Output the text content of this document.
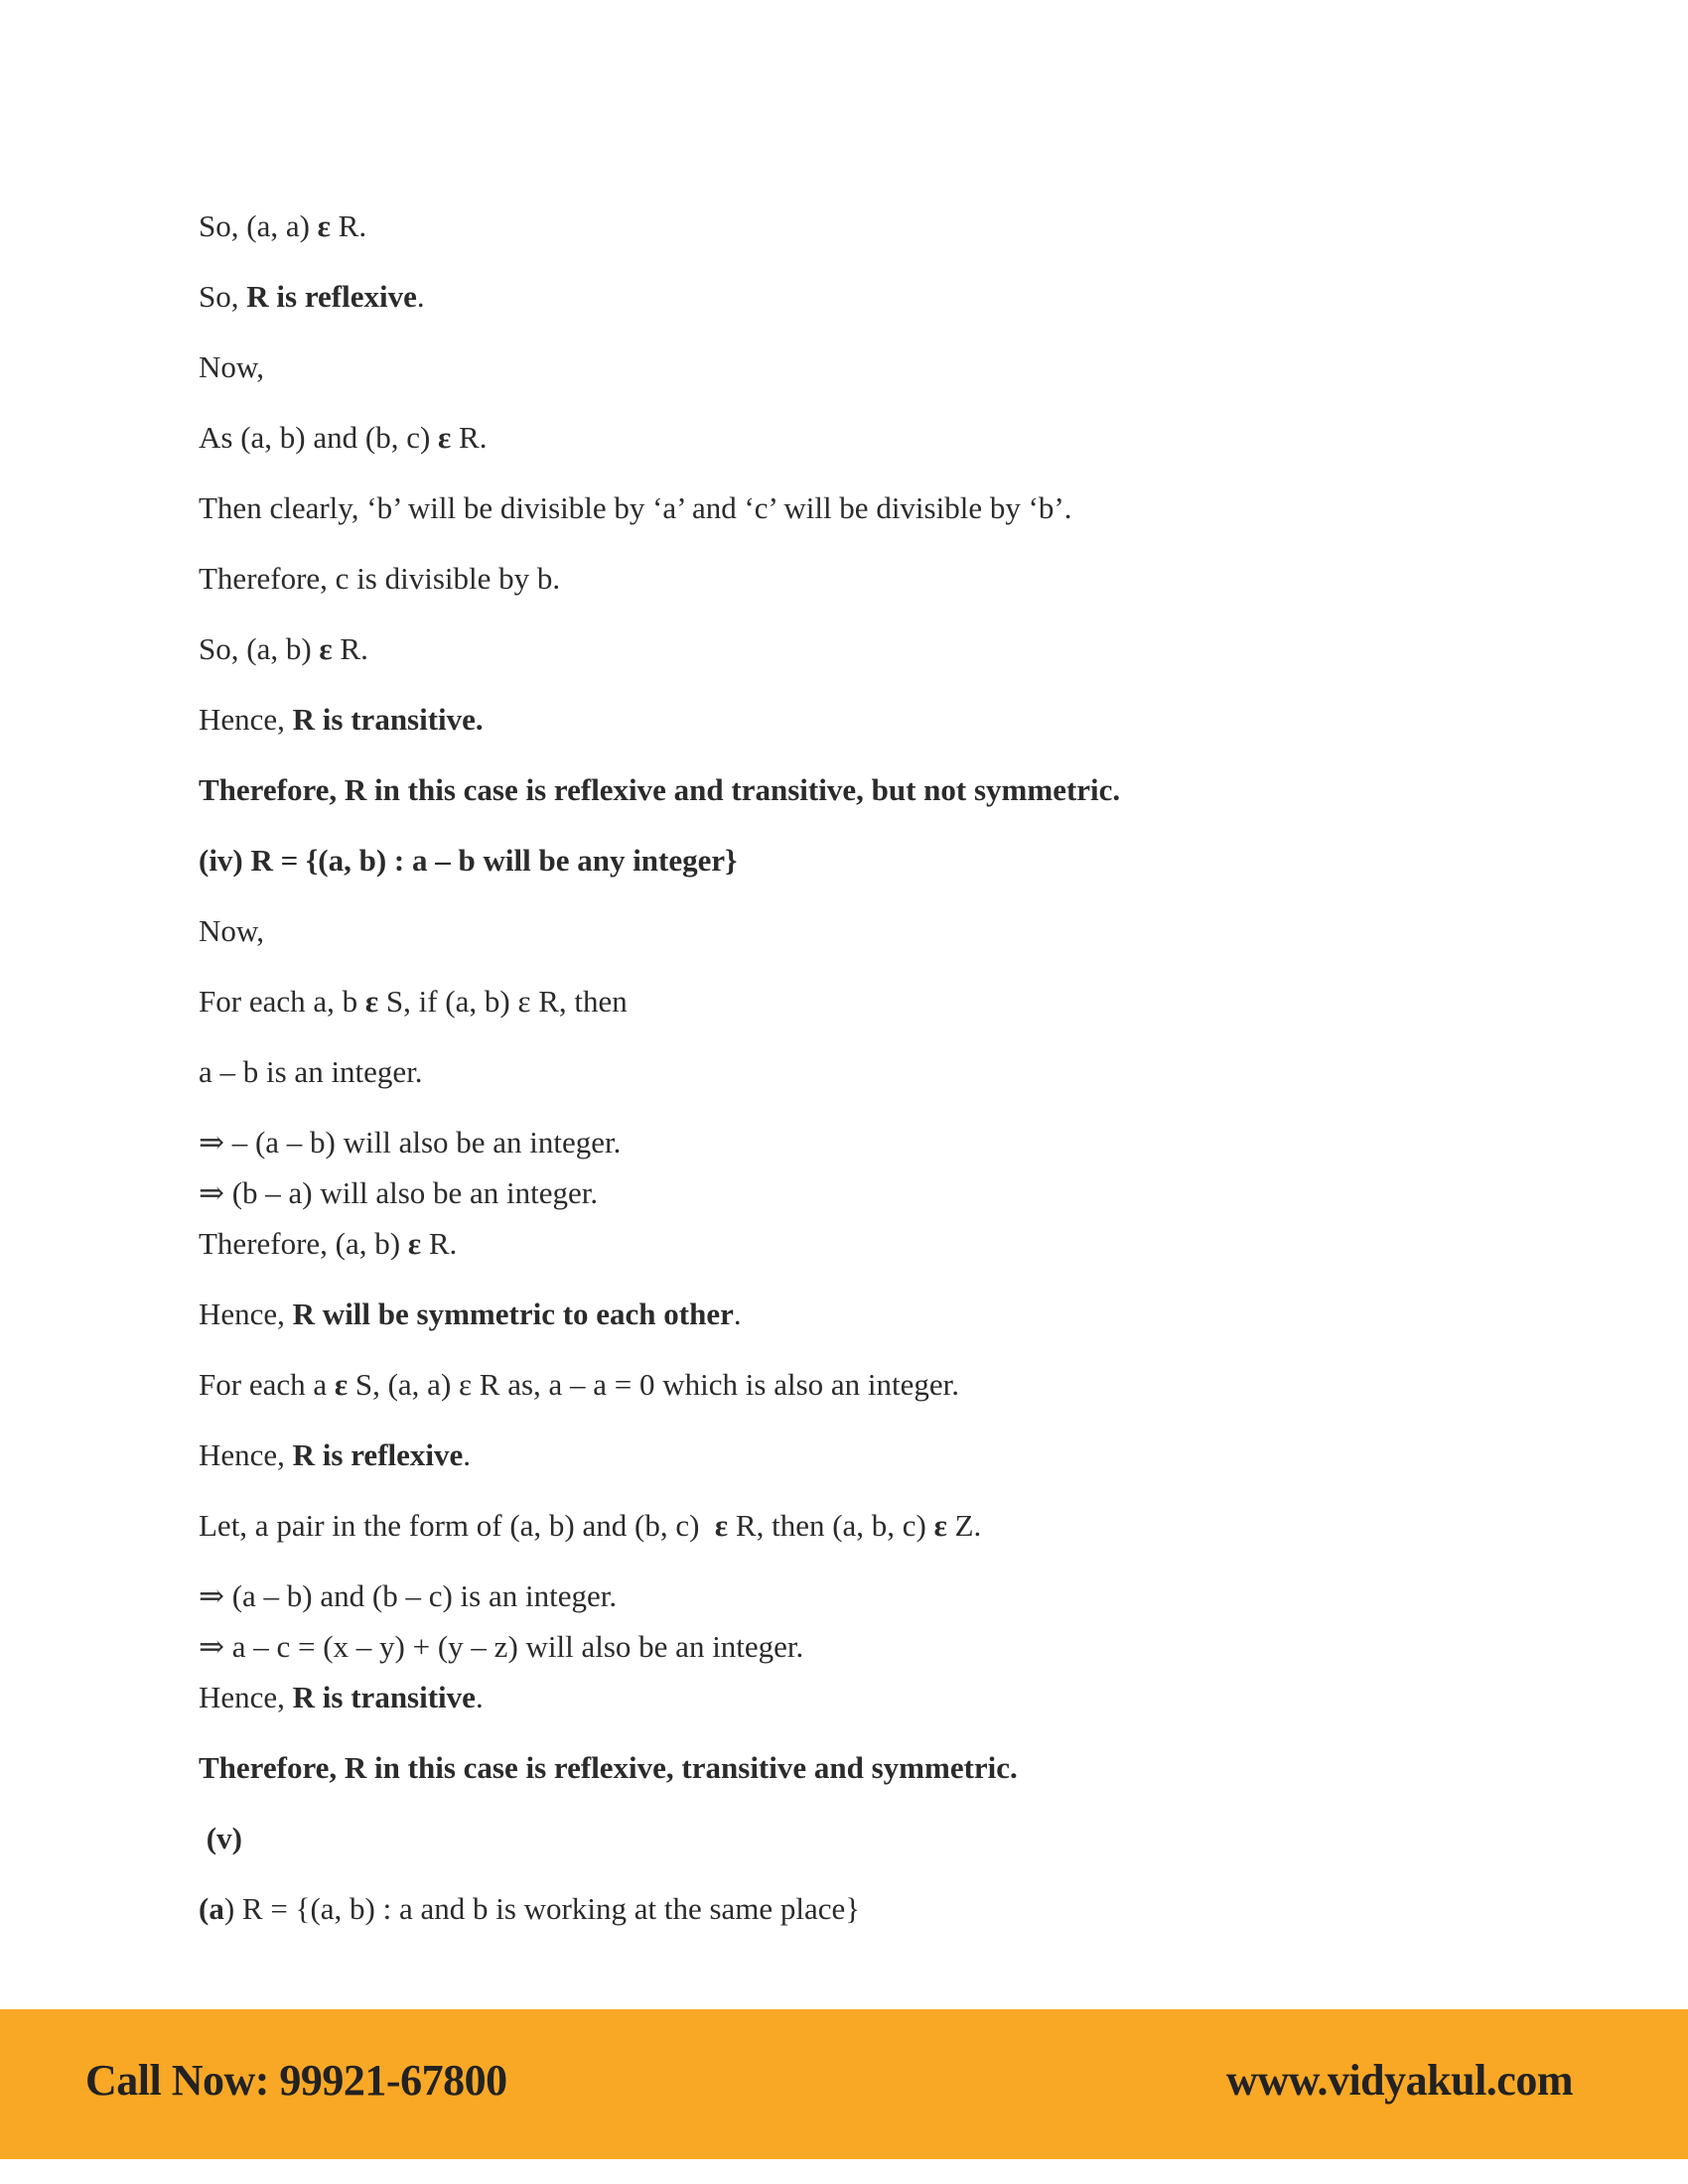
So, (a, a) ε R.

So, R is reflexive.

Now,

As (a, b) and (b, c) ε R.

Then clearly, ‘b’ will be divisible by ‘a’ and ‘c’ will be divisible by ‘b’.

Therefore, c is divisible by b.

So, (a, b) ε R.

Hence, R is transitive.

Therefore, R in this case is reflexive and transitive, but not symmetric.

(iv) R = {(a, b) : a – b will be any integer}

Now,

For each a, b ε S, if (a, b) ε R, then

a – b is an integer.

⇒ – (a – b) will also be an integer.

⇒ (b – a) will also be an integer.

Therefore, (a, b) ε R.

Hence, R will be symmetric to each other.

For each a ε S, (a, a) ε R as, a – a = 0 which is also an integer.

Hence, R is reflexive.

Let, a pair in the form of (a, b) and (b, c)  ε R, then (a, b, c) ε Z.

⇒ (a – b) and (b – c) is an integer.

⇒ a – c = (x – y) + (y – z) will also be an integer.

Hence, R is transitive.

Therefore, R in this case is reflexive, transitive and symmetric.

(v)

(a) R = {(a, b) : a and b is working at the same place}

Call Now: 99921-67800	www.vidyakul.com
